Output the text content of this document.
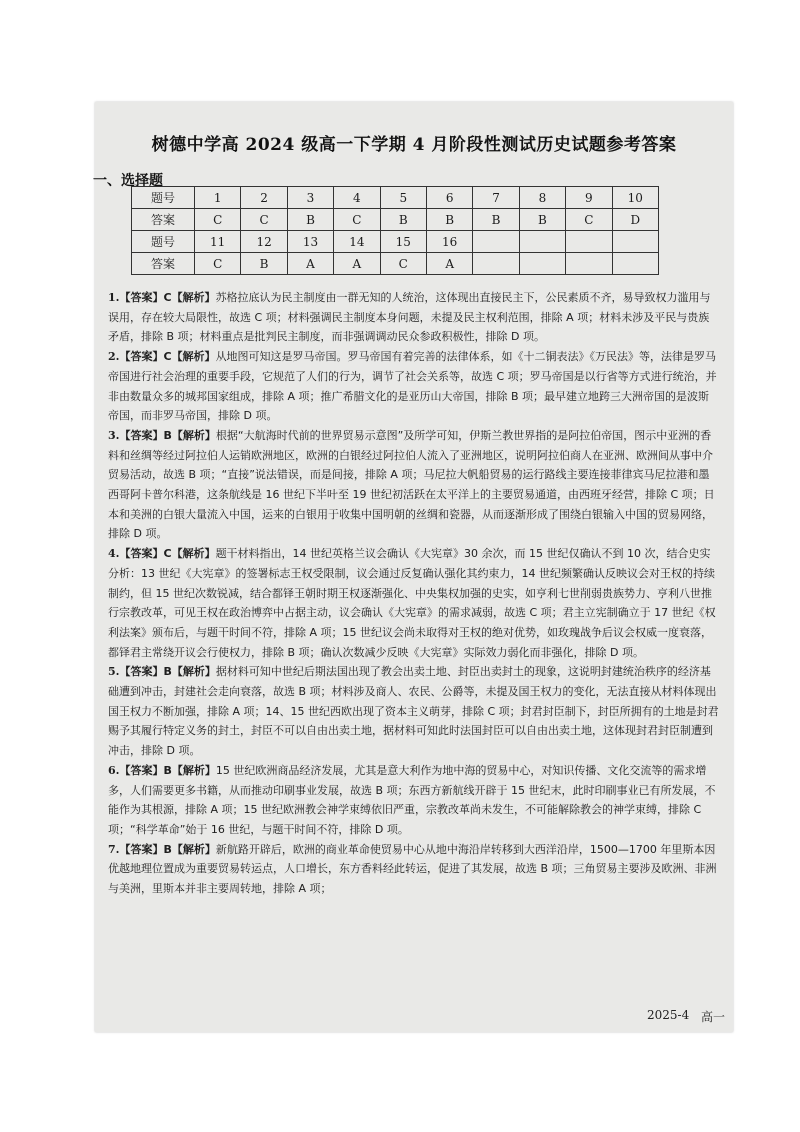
树德中学高 2024 级高一下学期 4 月阶段性测试历史试题参考答案
一、选择题
题号	1	2	3	4	5	6	7	8	9	10
答案	C	C	B	C	B	B	B	B	C	D
题号	11	12	13	14	15	16				
答案	C	B	A	A	C	A				

1.【答案】C【解析】苏格拉底认为民主制度由一群无知的人统治，这体现出直接民主下，公民素质不齐，易导致权力滥用与误用，存在较大局限性，故选 C 项；材料强调民主制度本身问题，未提及民主权利范围，排除 A 项；材料未涉及平民与贵族矛盾，排除 B 项；材料重点是批判民主制度，而非强调调动民众参政积极性，排除 D 项。

2.【答案】C【解析】从地图可知这是罗马帝国。罗马帝国有着完善的法律体系，如《十二铜表法》《万民法》等，法律是罗马帝国进行社会治理的重要手段，它规范了人们的行为，调节了社会关系等，故选 C 项；罗马帝国是以行省等方式进行统治，并非由数量众多的城邦国家组成，排除 A 项；推广希腊文化的是亚历山大帝国，排除 B 项；最早建立地跨三大洲帝国的是波斯帝国，而非罗马帝国，排除 D 项。

3.【答案】B【解析】根据“大航海时代前的世界贸易示意图”及所学可知，伊斯兰教世界指的是阿拉伯帝国，图示中亚洲的香料和丝绸等经过阿拉伯人运销欧洲地区，欧洲的白银经过阿拉伯人流入了亚洲地区，说明阿拉伯商人在亚洲、欧洲间从事中介贸易活动，故选 B 项；“直接”说法错误，而是间接，排除 A 项；马尼拉大帆船贸易的运行路线主要连接菲律宾马尼拉港和墨西哥阿卡普尔科港，这条航线是 16 世纪下半叶至 19 世纪初活跃在太平洋上的主要贸易通道，由西班牙经营，排除 C 项；日本和美洲的白银大量流入中国，运来的白银用于收集中国明朝的丝绸和瓷器，从而逐渐形成了围绕白银输入中国的贸易网络，排除 D 项。

4.【答案】C【解析】题干材料指出，14 世纪英格兰议会确认《大宪章》30 余次，而 15 世纪仅确认不到 10 次，结合史实分析：13 世纪《大宪章》的签署标志王权受限制，议会通过反复确认强化其约束力，14 世纪频繁确认反映议会对王权的持续制约，但 15 世纪次数锐减，结合都铎王朝时期王权逐渐强化、中央集权加强的史实，如亨利七世削弱贵族势力、亨利八世推行宗教改革，可见王权在政治博弈中占据主动，议会确认《大宪章》的需求减弱，故选 C 项；君主立宪制确立于 17 世纪《权利法案》颁布后，与题干时间不符，排除 A 项；15 世纪议会尚未取得对王权的绝对优势，如玫瑰战争后议会权威一度衰落，都铎君主常绕开议会行使权力，排除 B 项；确认次数减少反映《大宪章》实际效力弱化而非强化，排除 D 项。

5.【答案】B【解析】据材料可知中世纪后期法国出现了教会出卖土地、封臣出卖封土的现象，这说明封建统治秩序的经济基础遭到冲击，封建社会走向衰落，故选 B 项；材料涉及商人、农民、公爵等，未提及国王权力的变化，无法直接从材料体现出国王权力不断加强，排除 A 项；14、15 世纪西欧出现了资本主义萌芽，排除 C 项；封君封臣制下，封臣所拥有的土地是封君赐予其履行特定义务的封土，封臣不可以自由出卖土地，据材料可知此时法国封臣可以自由出卖土地，这体现封君封臣制遭到冲击，排除 D 项。

6.【答案】B【解析】15 世纪欧洲商品经济发展，尤其是意大利作为地中海的贸易中心，对知识传播、文化交流等的需求增多，人们需要更多书籍，从而推动印刷事业发展，故选 B 项；东西方新航线开辟于 15 世纪末，此时印刷事业已有所发展，不能作为其根源，排除 A 项；15 世纪欧洲教会神学束缚依旧严重，宗教改革尚未发生，不可能解除教会的神学束缚，排除 C 项；“科学革命”始于 16 世纪，与题干时间不符，排除 D 项。

7.【答案】B【解析】新航路开辟后，欧洲的商业革命使贸易中心从地中海沿岸转移到大西洋沿岸，1500—1700 年里斯本因优越地理位置成为重要贸易转运点，人口增长，东方香料经此转运，促进了其发展，故选 B 项；三角贸易主要涉及欧洲、非洲与美洲，里斯本并非主要周转地，排除 A 项；

2025-4 高一
